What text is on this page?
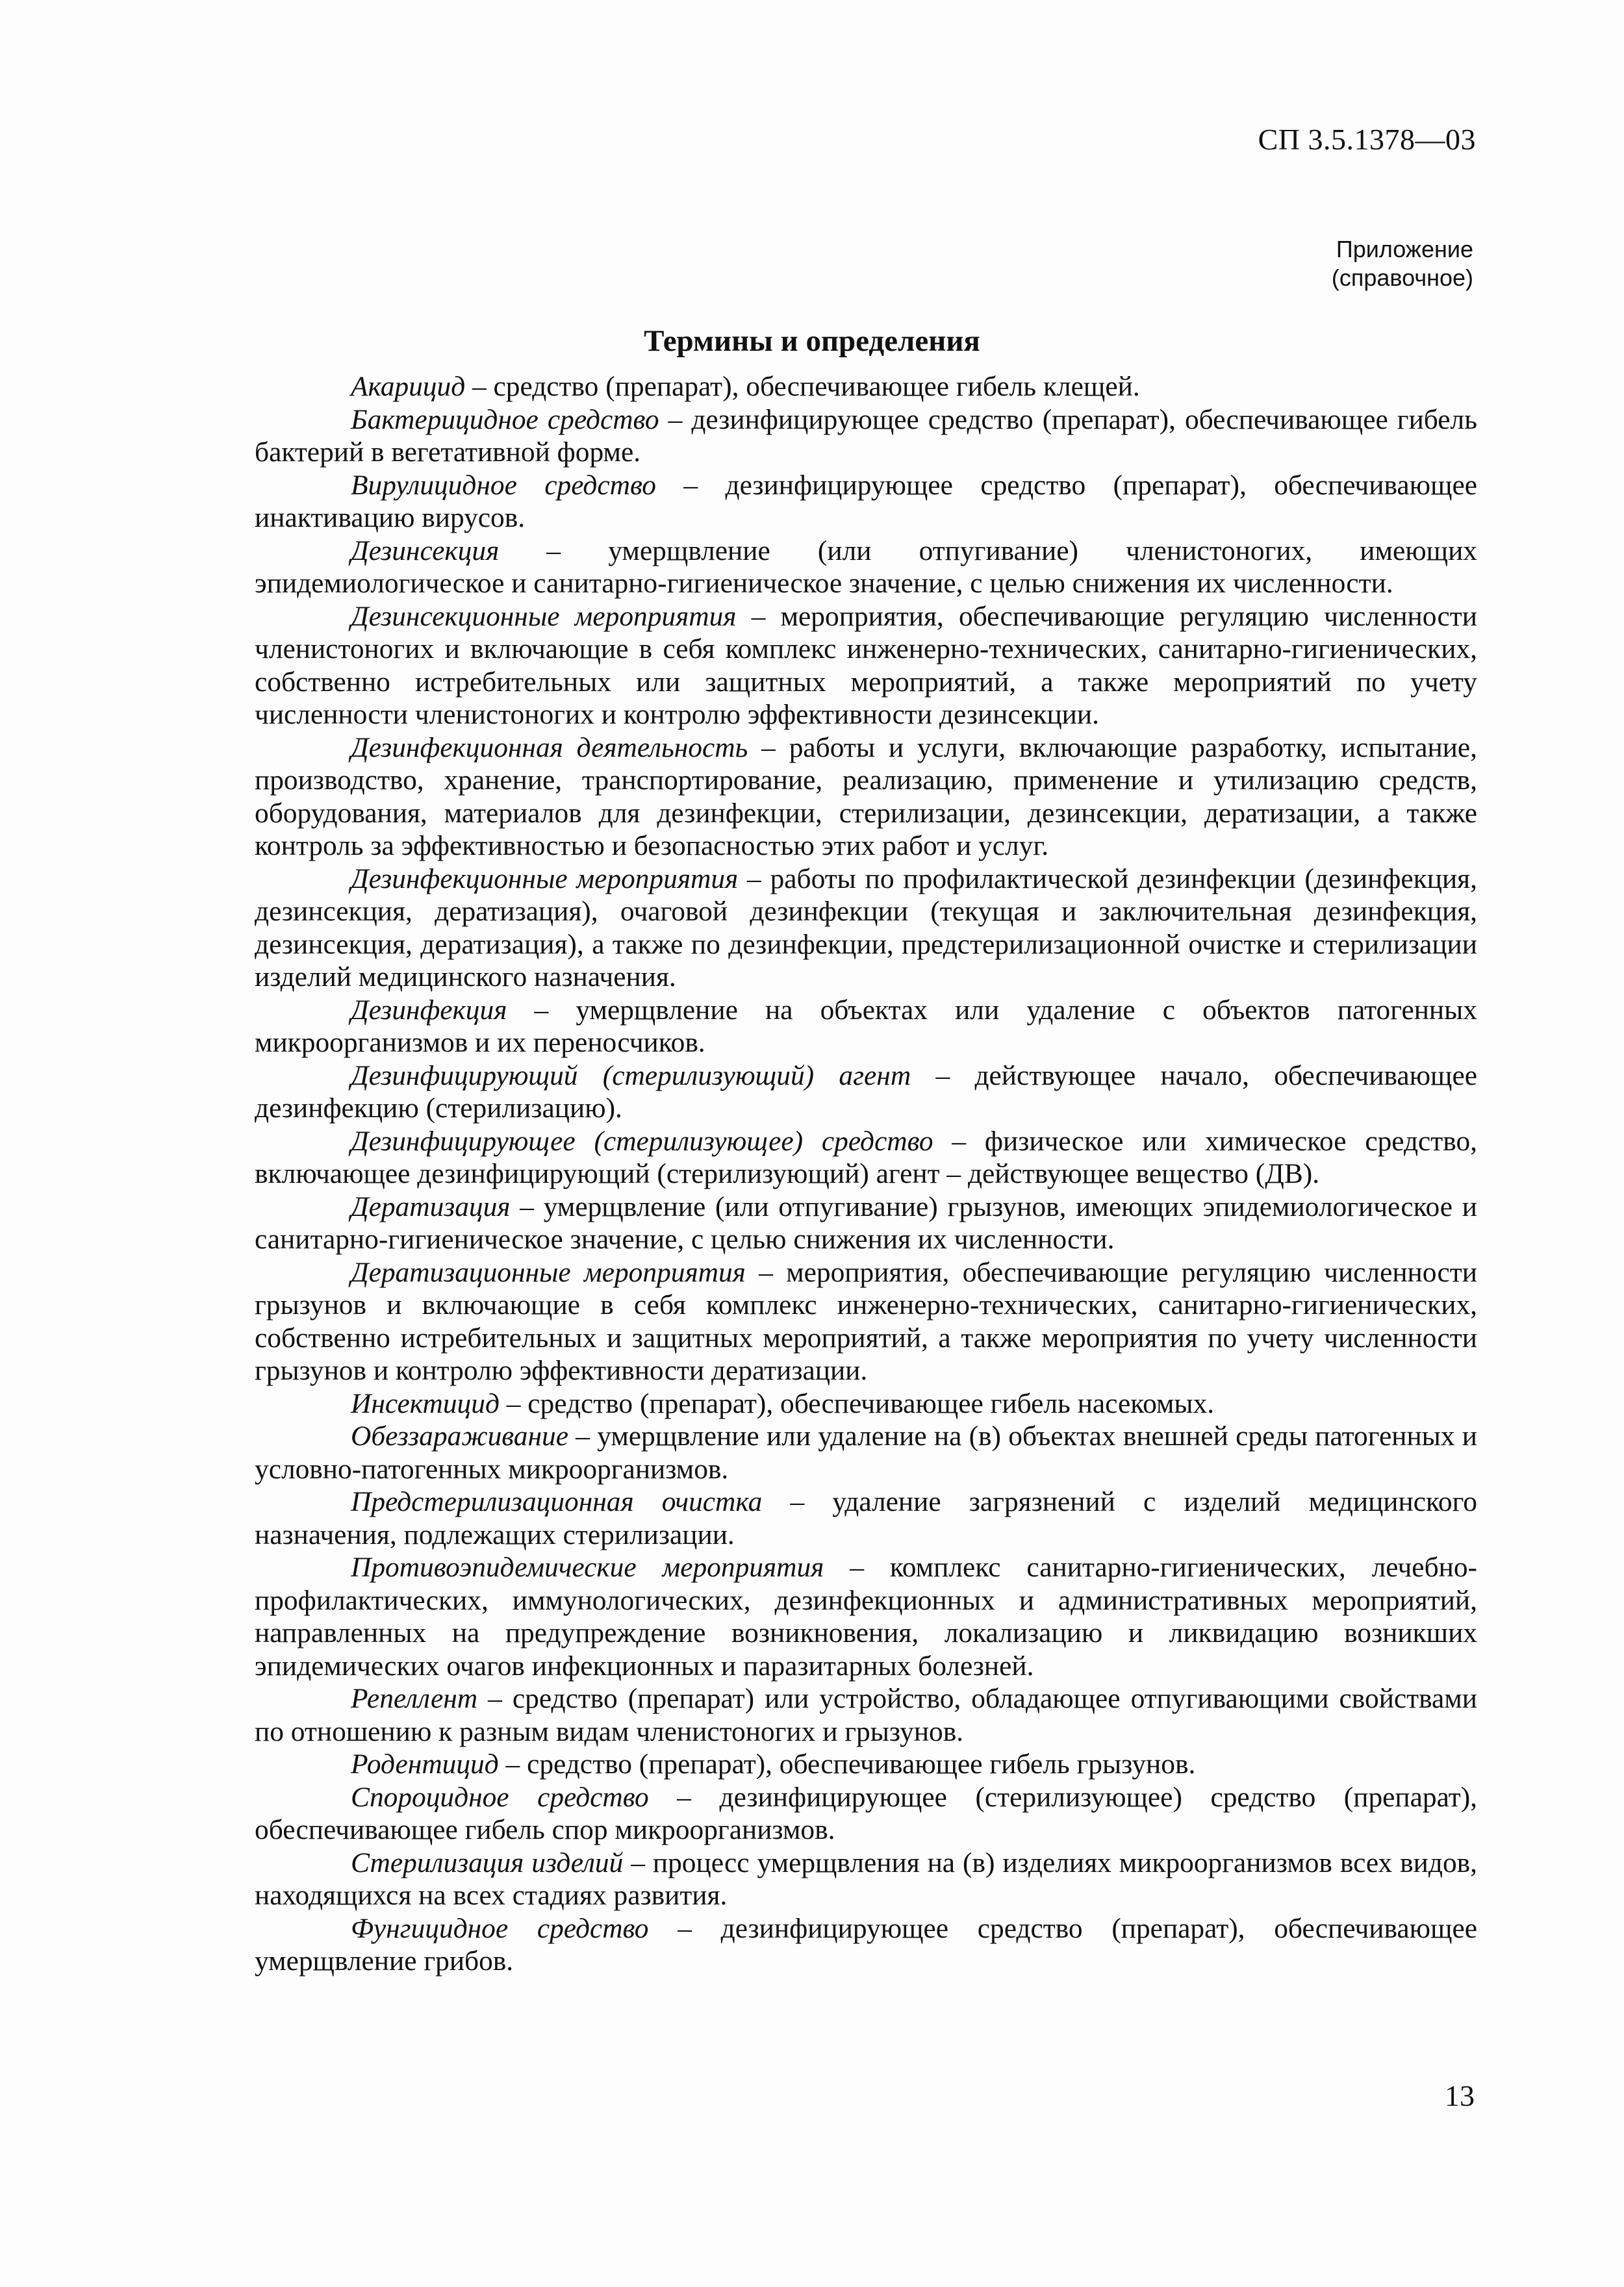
СП 3.5.1378—03
Приложение
(справочное)
Термины и определения

Акарицид – средство (препарат), обеспечивающее гибель клещей.

Бактерицидное средство – дезинфицирующее средство (препарат), обеспечивающее гибель бактерий в вегетативной форме.

Вирулицидное средство – дезинфицирующее средство (препарат), обеспечивающее инактивацию вирусов.

Дезинсекция – умерщвление (или отпугивание) членистоногих, имеющих эпидемиологическое и санитарно-гигиеническое значение, с целью снижения их численности.

Дезинсекционные мероприятия – мероприятия, обеспечивающие регуляцию численности членистоногих и включающие в себя комплекс инженерно-технических, санитарно-гигиенических, собственно истребительных или защитных мероприятий, а также мероприятий по учету численности членистоногих и контролю эффективности дезинсекции.

Дезинфекционная деятельность – работы и услуги, включающие разработку, испытание, производство, хранение, транспортирование, реализацию, применение и утилизацию средств, оборудования, материалов для дезинфекции, стерилизации, дезинсекции, дератизации, а также контроль за эффективностью и безопасностью этих работ и услуг.

Дезинфекционные мероприятия – работы по профилактической дезинфекции (дезинфекция, дезинсекция, дератизация), очаговой дезинфекции (текущая и заключительная дезинфекция, дезинсекция, дератизация), а также по дезинфекции, предстерилизационной очистке и стерилизации изделий медицинского назначения.

Дезинфекция – умерщвление на объектах или удаление с объектов патогенных микроорганизмов и их переносчиков.

Дезинфицирующий (стерилизующий) агент – действующее начало, обеспечивающее дезинфекцию (стерилизацию).

Дезинфицирующее (стерилизующее) средство – физическое или химическое средство, включающее дезинфицирующий (стерилизующий) агент – действующее вещество (ДВ).

Дератизация – умерщвление (или отпугивание) грызунов, имеющих эпидемиологическое и санитарно-гигиеническое значение, с целью снижения их численности.

Дератизационные мероприятия – мероприятия, обеспечивающие регуляцию численности грызунов и включающие в себя комплекс инженерно-технических, санитарно-гигиенических, собственно истребительных и защитных мероприятий, а также мероприятия по учету численности грызунов и контролю эффективности дератизации.

Инсектицид – средство (препарат), обеспечивающее гибель насекомых.

Обеззараживание – умерщвление или удаление на (в) объектах внешней среды патогенных и условно-патогенных микроорганизмов.

Предстерилизационная очистка – удаление загрязнений с изделий медицинского назначения, подлежащих стерилизации.

Противоэпидемические мероприятия – комплекс санитарно-гигиенических, лечебно-профилактических, иммунологических, дезинфекционных и административных мероприятий, направленных на предупреждение возникновения, локализацию и ликвидацию возникших эпидемических очагов инфекционных и паразитарных болезней.

Репеллент – средство (препарат) или устройство, обладающее отпугивающими свойствами по отношению к разным видам членистоногих и грызунов.

Родентицид – средство (препарат), обеспечивающее гибель грызунов.

Спороцидное средство – дезинфицирующее (стерилизующее) средство (препарат), обеспечивающее гибель спор микроорганизмов.

Стерилизация изделий – процесс умерщвления на (в) изделиях микроорганизмов всех видов, находящихся на всех стадиях развития.

Фунгицидное средство – дезинфицирующее средство (препарат), обеспечивающее умерщвление грибов.

13
